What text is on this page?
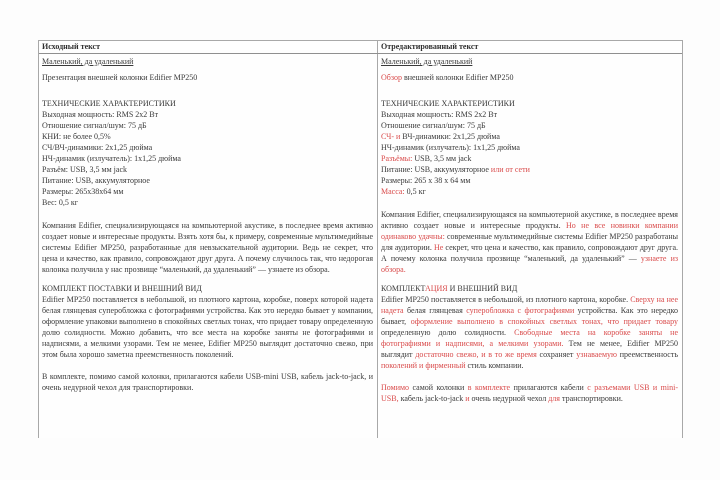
Исходный текст	Отредактированный текст
Маленький, да удаленький
Презентация внешней колонки Edifier MP250
ТЕХНИЧЕСКИЕ ХАРАКТЕРИСТИКИ
Выходная мощность: RMS 2х2 Вт
Отношение сигнал/шум: 75 дБ
КНИ: не более 0,5%
СЧ/ВЧ-динамики: 2х1,25 дюйма
НЧ-динамик (излучатель): 1х1,25 дюйма
Разъём: USB, 3,5 мм jack
Питание: USB, аккумуляторное
Размеры: 265х38х64 мм
Вес: 0,5 кг

Компания Edifier, специализирующаяся на компьютерной акустике, в последнее время активно создает новые и интересные продукты. Взять хотя бы, к примеру, современные мультимедийные системы Edifier MP250, разработанные для невзыскательной аудитории. Ведь не секрет, что цена и качество, как правило, сопровождают друг друга. А почему случилось так, что недорогая колонка получила у нас прозвище “маленький, да удаленький” — узнаете из обзора.

КОМПЛЕКТ ПОСТАВКИ И ВНЕШНИЙ ВИД

Edifier MP250 поставляется в небольшой, из плотного картона, коробке, поверх которой надета белая глянцевая суперобложка с фотографиями устройства. Как это нередко бывает у компании, оформление упаковки выполнено в спокойных светлых тонах, что придает товару определенную долю солидности. Можно добавить, что все места на коробке заняты не фотографиями и надписями, а мелкими узорами. Тем не менее, Edifier MP250 выглядит достаточно свежо, при этом была хорошо заметна преемственность поколений.

В комплекте, помимо самой колонки, прилагаются кабели USB-mini USB, кабель jack-to-jack, и очень недурной чехол для транспортировки.

Маленький, да удаленький
Обзор внешней колонки Edifier MP250
ТЕХНИЧЕСКИЕ ХАРАКТЕРИСТИКИ
Выходная мощность: RMS 2х2 Вт
Отношение сигнал/шум: 75 дБ
СЧ- и ВЧ-динамики: 2х1,25 дюйма
НЧ-динамик (излучатель): 1х1,25 дюйма
Разъёмы: USB, 3,5 мм jack
Питание: USB, аккумуляторное или от сети
Размеры: 265 х 38 х 64 мм
Масса: 0,5 кг

Компания Edifier, специализирующаяся на компьютерной акустике, в последнее время активно создает новые и интересные продукты. Но не все новинки компании одинаково удачны: современные мультимедийные системы Edifier MP250 разработаны для аудитории. Не секрет, что цена и качество, как правило, сопровождают друг друга. А почему колонка получила прозвище “маленький, да удаленький” — узнаете из обзора.

КОМПЛЕКТАЦИЯ И ВНЕШНИЙ ВИД

Edifier MP250 поставляется в небольшой, из плотного картона, коробке. Сверху на нее надета белая глянцевая суперобложка с фотографиями устройства. Как это нередко бывает, оформление выполнено в спокойных светлых тонах, что придает товару определенную долю солидности. Свободные места на коробке заняты не фотографиями и надписями, а мелкими узорами. Тем не менее, Edifier MP250 выглядит достаточно свежо, и в то же время сохраняет узнаваемую преемственность поколений и фирменный стиль компании.

Помимо самой колонки в комплекте прилагаются кабели с разъемами USB и mini-USB, кабель jack-to-jack и очень недурной чехол для транспортировки.
